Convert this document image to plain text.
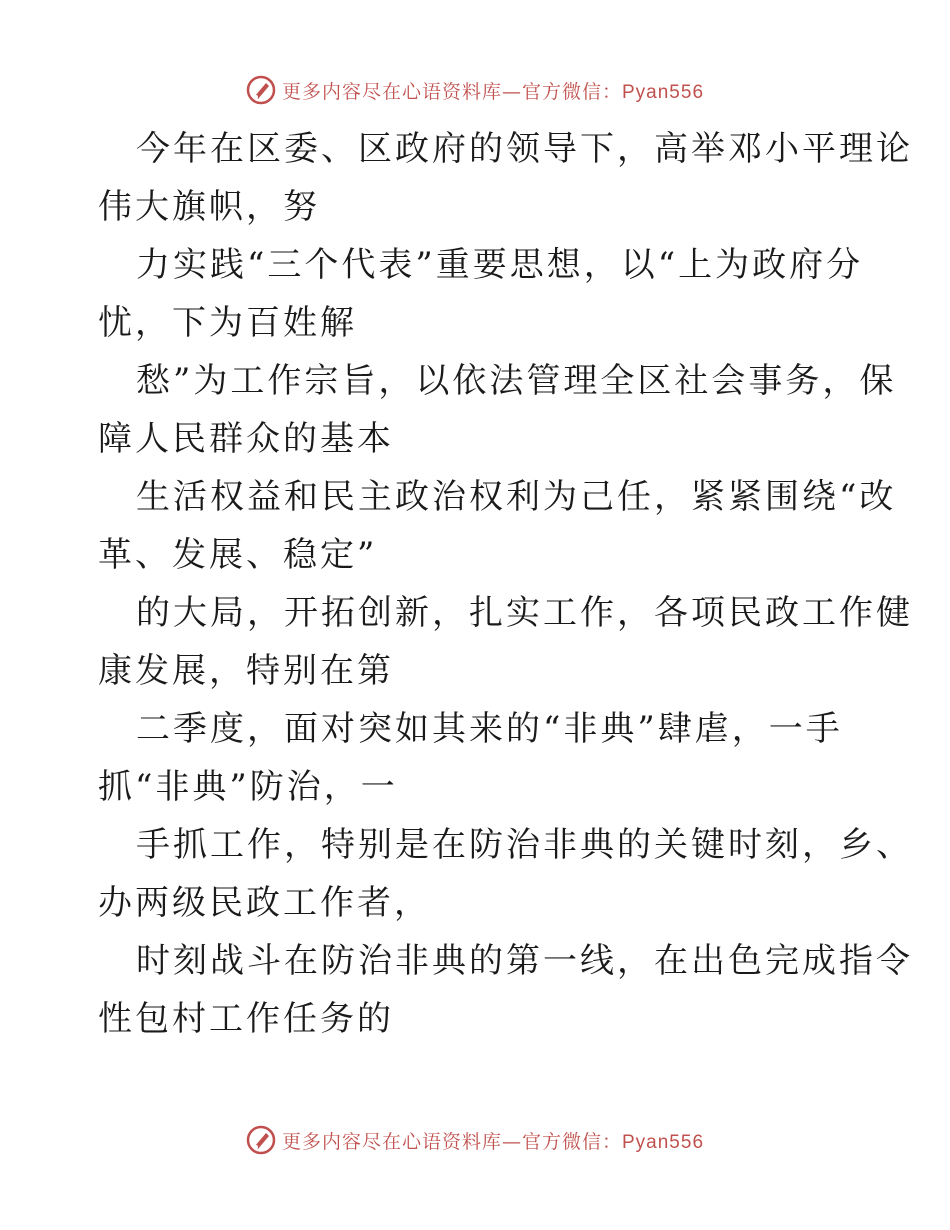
更多内容尽在心语资料库—官方微信：Pyan556
今年在区委、区政府的领导下，高举邓小平理论
伟大旗帜，努
力实践“三个代表”重要思想，以“上为政府分
忧，下为百姓解
愁”为工作宗旨，以依法管理全区社会事务，保
障人民群众的基本
生活权益和民主政治权利为己任，紧紧围绕“改
革、发展、稳定”
的大局，开拓创新，扎实工作，各项民政工作健
康发展，特别在第
二季度，面对突如其来的“非典”肆虐，一手
抓“非典”防治，一
手抓工作，特别是在防治非典的关键时刻，乡、
办两级民政工作者，
时刻战斗在防治非典的第一线，在出色完成指令
性包村工作任务的
更多内容尽在心语资料库—官方微信：Pyan556
